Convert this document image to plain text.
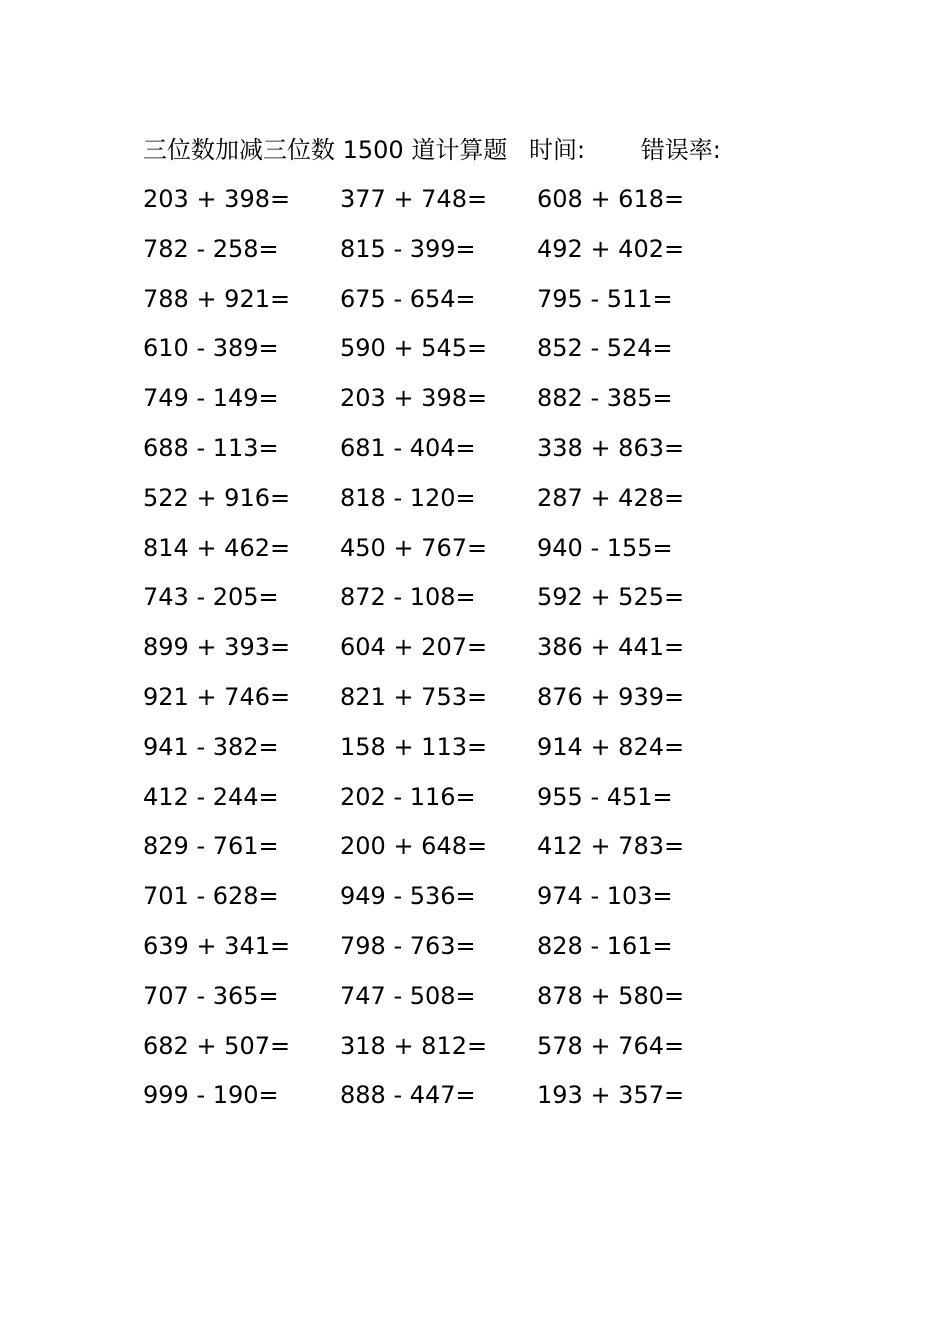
三位数加减三位数 1500 道计算题 时间: 错误率:
203 + 398=	377 + 748=	608 + 618=
782 - 258=	815 - 399=	492 + 402=
788 + 921=	675 - 654=	795 - 511=
610 - 389=	590 + 545=	852 - 524=
749 - 149=	203 + 398=	882 - 385=
688 - 113=	681 - 404=	338 + 863=
522 + 916=	818 - 120=	287 + 428=
814 + 462=	450 + 767=	940 - 155=
743 - 205=	872 - 108=	592 + 525=
899 + 393=	604 + 207=	386 + 441=
921 + 746=	821 + 753=	876 + 939=
941 - 382=	158 + 113=	914 + 824=
412 - 244=	202 - 116=	955 - 451=
829 - 761=	200 + 648=	412 + 783=
701 - 628=	949 - 536=	974 - 103=
639 + 341=	798 - 763=	828 - 161=
707 - 365=	747 - 508=	878 + 580=
682 + 507=	318 + 812=	578 + 764=
999 - 190=	888 - 447=	193 + 357=
